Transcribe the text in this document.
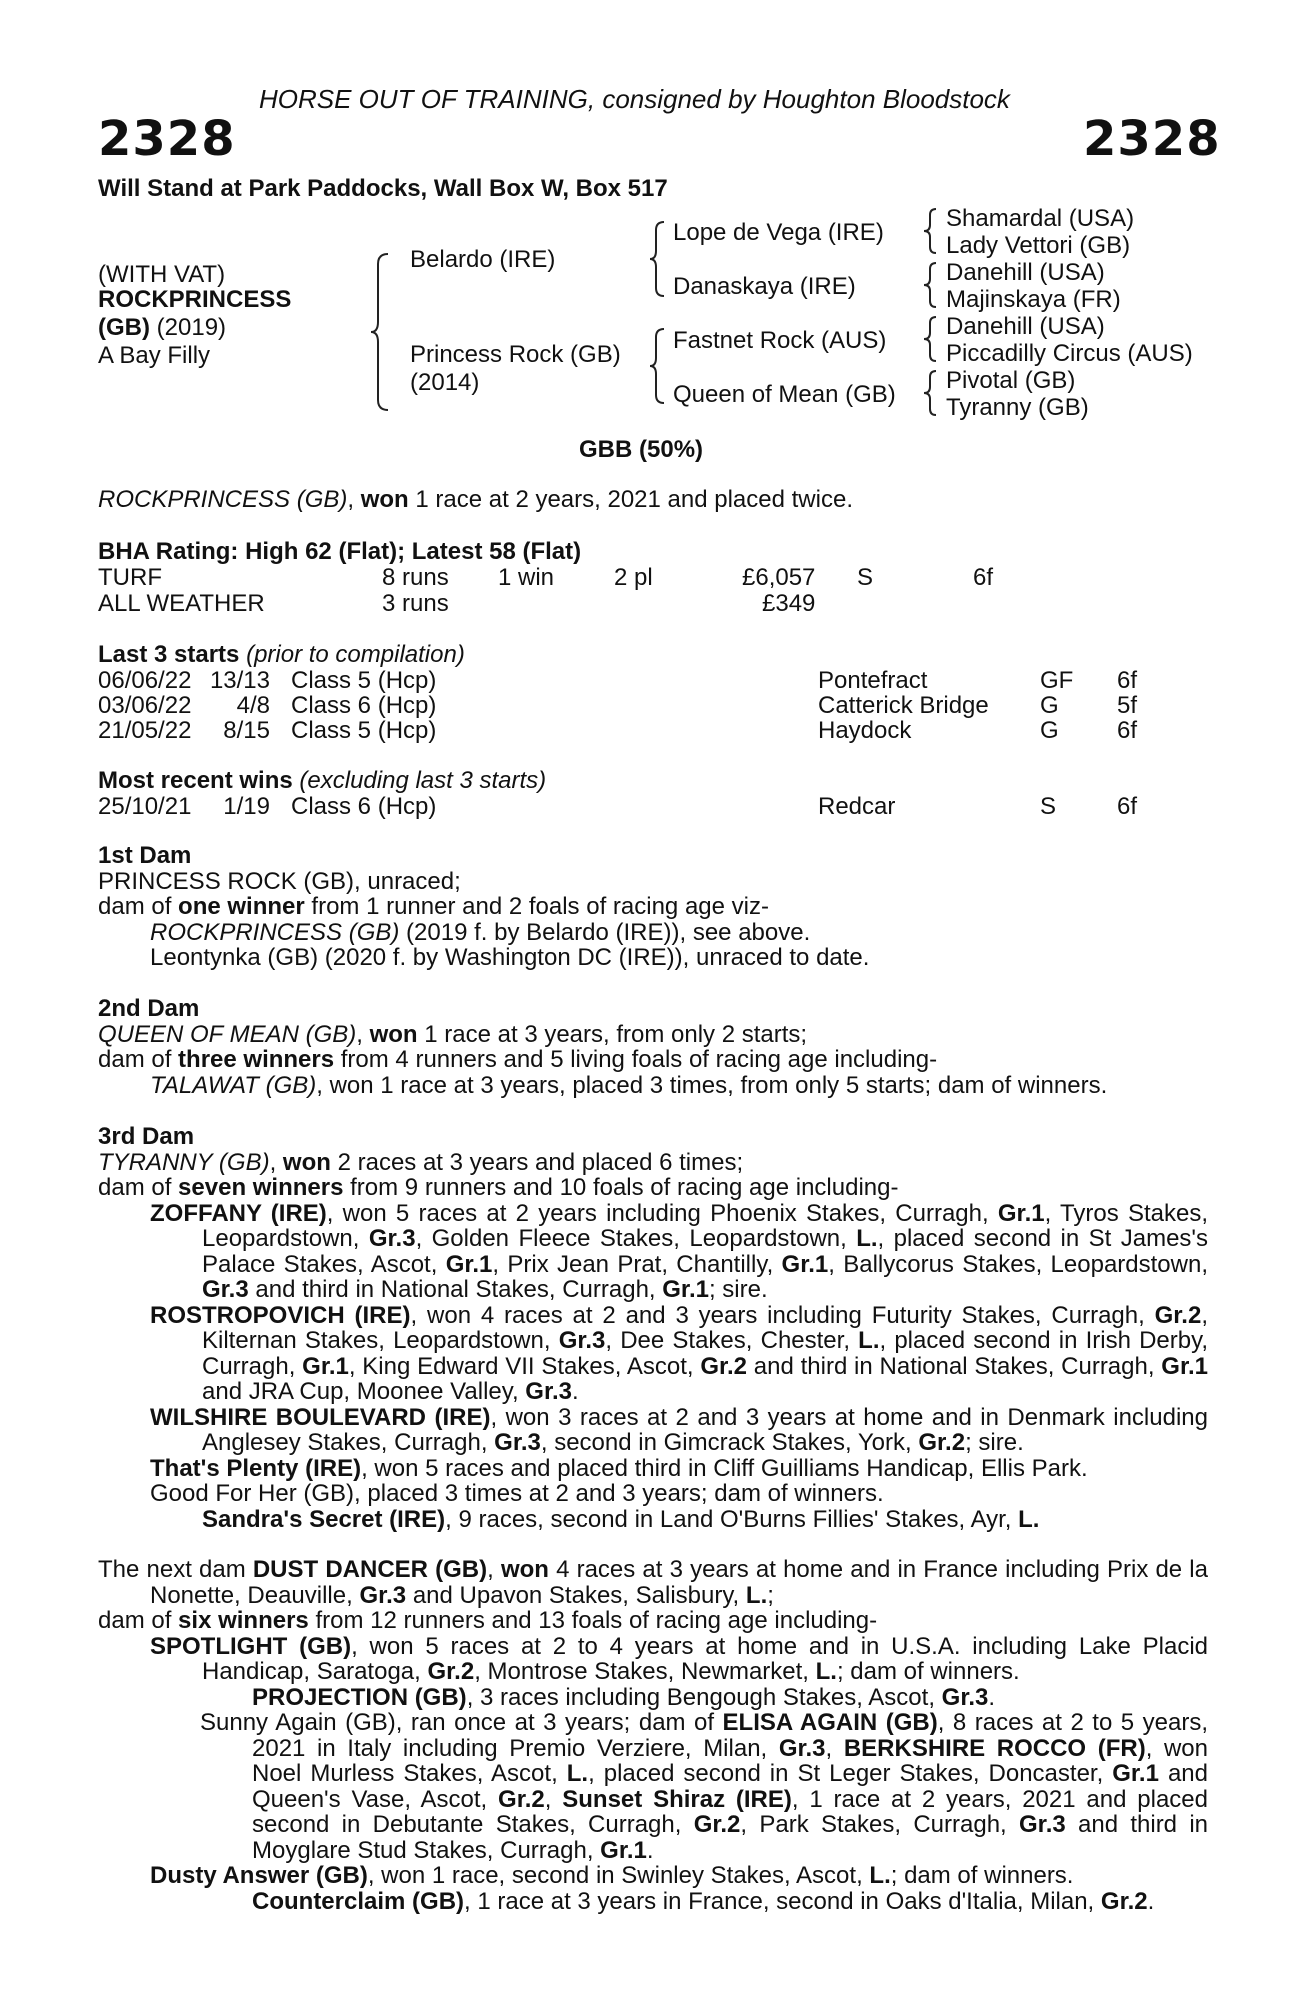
HORSE OUT OF TRAINING, consigned by Houghton Bloodstock
2328	2328
Will Stand at Park Paddocks, Wall Box W, Box 517
(WITH VAT)
ROCKPRINCESS
(GB) (2019)
A Bay Filly
Belardo (IRE)
Princess Rock (GB)
(2014)
Lope de Vega (IRE)
Danaskaya (IRE)
Fastnet Rock (AUS)
Queen of Mean (GB)
Shamardal (USA)
Lady Vettori (GB)
Danehill (USA)
Majinskaya (FR)
Danehill (USA)
Piccadilly Circus (AUS)
Pivotal (GB)
Tyranny (GB)
GBB (50%)
ROCKPRINCESS (GB), won 1 race at 2 years, 2021 and placed twice.
BHA Rating: High 62 (Flat); Latest 58 (Flat)
TURF	8 runs 1 win 2 pl	£6,057 S	6f
ALL WEATHER	3 runs	£349
Last 3 starts (prior to compilation)
06/06/22 13/13 Class 5 (Hcp)	Pontefract	GF 6f
03/06/22	4/8 Class 6 (Hcp)	Catterick Bridge G 5f
21/05/22	8/15 Class 5 (Hcp)	Haydock	G 6f
Most recent wins (excluding last 3 starts)
25/10/21	1/19 Class 6 (Hcp)	Redcar	S	6f

1st Dam

PRINCESS ROCK (GB), unraced;

dam of one winner from 1 runner and 2 foals of racing age viz-

ROCKPRINCESS (GB) (2019 f. by Belardo (IRE)), see above.

Leontynka (GB) (2020 f. by Washington DC (IRE)), unraced to date.

2nd Dam

QUEEN OF MEAN (GB), won 1 race at 3 years, from only 2 starts;

dam of three winners from 4 runners and 5 living foals of racing age including-

TALAWAT (GB), won 1 race at 3 years, placed 3 times, from only 5 starts; dam of winners.

3rd Dam

TYRANNY (GB), won 2 races at 3 years and placed 6 times;

dam of seven winners from 9 runners and 10 foals of racing age including-

ZOFFANY (IRE), won 5 races at 2 years including Phoenix Stakes, Curragh, Gr.1, Tyros Stakes, Leopardstown, Gr.3, Golden Fleece Stakes, Leopardstown, L., placed second in St James's Palace Stakes, Ascot, Gr.1, Prix Jean Prat, Chantilly, Gr.1, Ballycorus Stakes, Leopardstown, Gr.3 and third in National Stakes, Curragh, Gr.1; sire.

ROSTROPOVICH (IRE), won 4 races at 2 and 3 years including Futurity Stakes, Curragh, Gr.2, Kilternan Stakes, Leopardstown, Gr.3, Dee Stakes, Chester, L., placed second in Irish Derby, Curragh, Gr.1, King Edward VII Stakes, Ascot, Gr.2 and third in National Stakes, Curragh, Gr.1 and JRA Cup, Moonee Valley, Gr.3.

WILSHIRE BOULEVARD (IRE), won 3 races at 2 and 3 years at home and in Denmark including Anglesey Stakes, Curragh, Gr.3, second in Gimcrack Stakes, York, Gr.2; sire.

That's Plenty (IRE), won 5 races and placed third in Cliff Guilliams Handicap, Ellis Park.

Good For Her (GB), placed 3 times at 2 and 3 years; dam of winners.

Sandra's Secret (IRE), 9 races, second in Land O'Burns Fillies' Stakes, Ayr, L.

The next dam DUST DANCER (GB), won 4 races at 3 years at home and in France including Prix de la Nonette, Deauville, Gr.3 and Upavon Stakes, Salisbury, L.;

dam of six winners from 12 runners and 13 foals of racing age including-

SPOTLIGHT (GB), won 5 races at 2 to 4 years at home and in U.S.A. including Lake Placid Handicap, Saratoga, Gr.2, Montrose Stakes, Newmarket, L.; dam of winners.

PROJECTION (GB), 3 races including Bengough Stakes, Ascot, Gr.3.

Sunny Again (GB), ran once at 3 years; dam of ELISA AGAIN (GB), 8 races at 2 to 5 years, 2021 in Italy including Premio Verziere, Milan, Gr.3, BERKSHIRE ROCCO (FR), won Noel Murless Stakes, Ascot, L., placed second in St Leger Stakes, Doncaster, Gr.1 and Queen's Vase, Ascot, Gr.2, Sunset Shiraz (IRE), 1 race at 2 years, 2021 and placed second in Debutante Stakes, Curragh, Gr.2, Park Stakes, Curragh, Gr.3 and third in Moyglare Stud Stakes, Curragh, Gr.1.

Dusty Answer (GB), won 1 race, second in Swinley Stakes, Ascot, L.; dam of winners.

Counterclaim (GB), 1 race at 3 years in France, second in Oaks d'Italia, Milan, Gr.2.
